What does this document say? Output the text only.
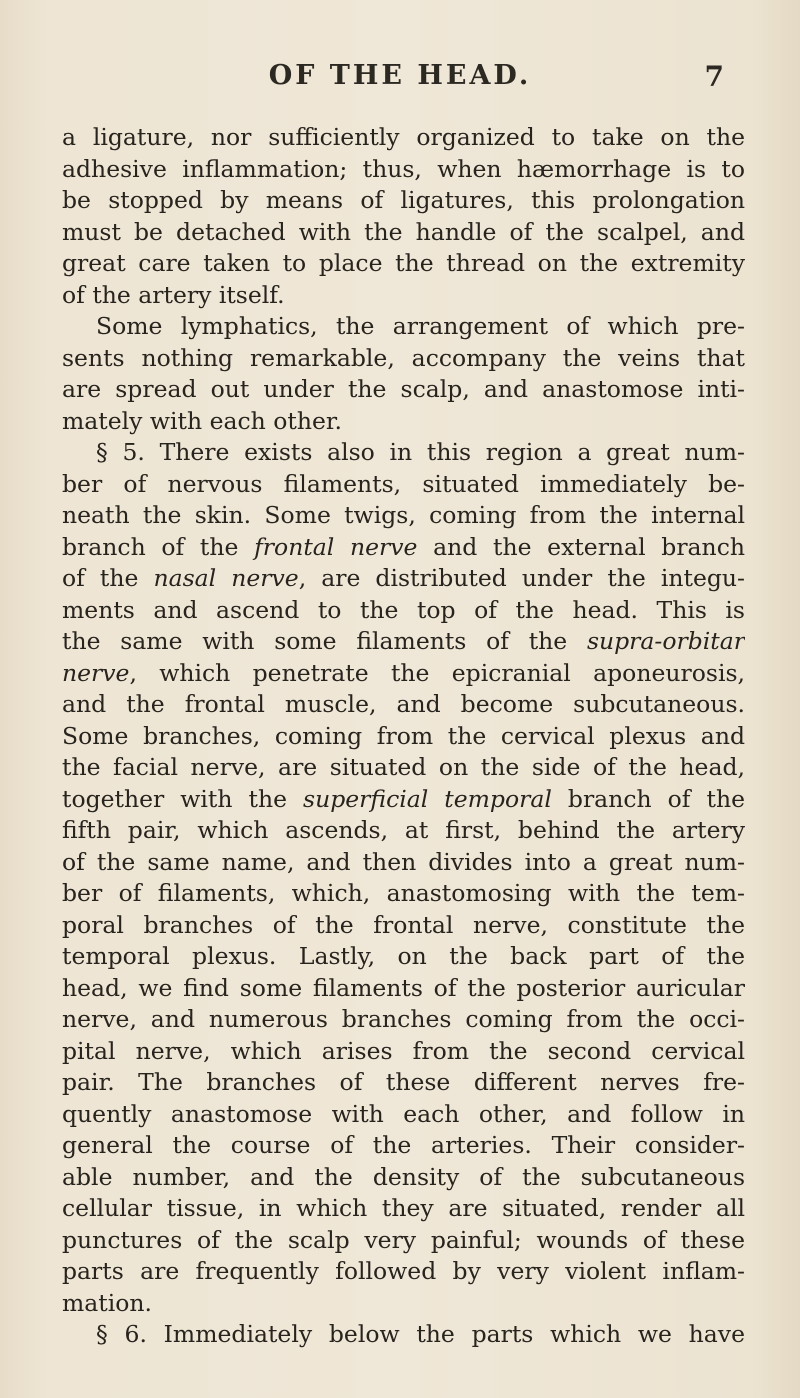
OF THE HEAD.	7
a ligature, nor sufficiently organized to take on the
adhesive inflammation; thus, when hæmorrhage is to
be stopped by means of ligatures, this prolongation
must be detached with the handle of the scalpel, and
great care taken to place the thread on the extremity
of the artery itself.
Some lymphatics, the arrangement of which pre-
sents nothing remarkable, accompany the veins that
are spread out under the scalp, and anastomose inti-
mately with each other.
§ 5. There exists also in this region a great num-
ber of nervous filaments, situated immediately be-
neath the skin. Some twigs, coming from the internal
branch of the frontal nerve and the external branch
of the nasal nerve, are distributed under the integu-
ments and ascend to the top of the head. This is
the same with some filaments of the supra-orbitar
nerve, which penetrate the epicranial aponeurosis,
and the frontal muscle, and become subcutaneous.
Some branches, coming from the cervical plexus and
the facial nerve, are situated on the side of the head,
together with the superficial temporal branch of the
fifth pair, which ascends, at first, behind the artery
of the same name, and then divides into a great num-
ber of filaments, which, anastomosing with the tem-
poral branches of the frontal nerve, constitute the
temporal plexus. Lastly, on the back part of the
head, we find some filaments of the posterior auricular
nerve, and numerous branches coming from the occi-
pital nerve, which arises from the second cervical
pair. The branches of these different nerves fre-
quently anastomose with each other, and follow in
general the course of the arteries. Their consider-
able number, and the density of the subcutaneous
cellular tissue, in which they are situated, render all
punctures of the scalp very painful; wounds of these
parts are frequently followed by very violent inflam-
mation.
§ 6. Immediately below the parts which we have
